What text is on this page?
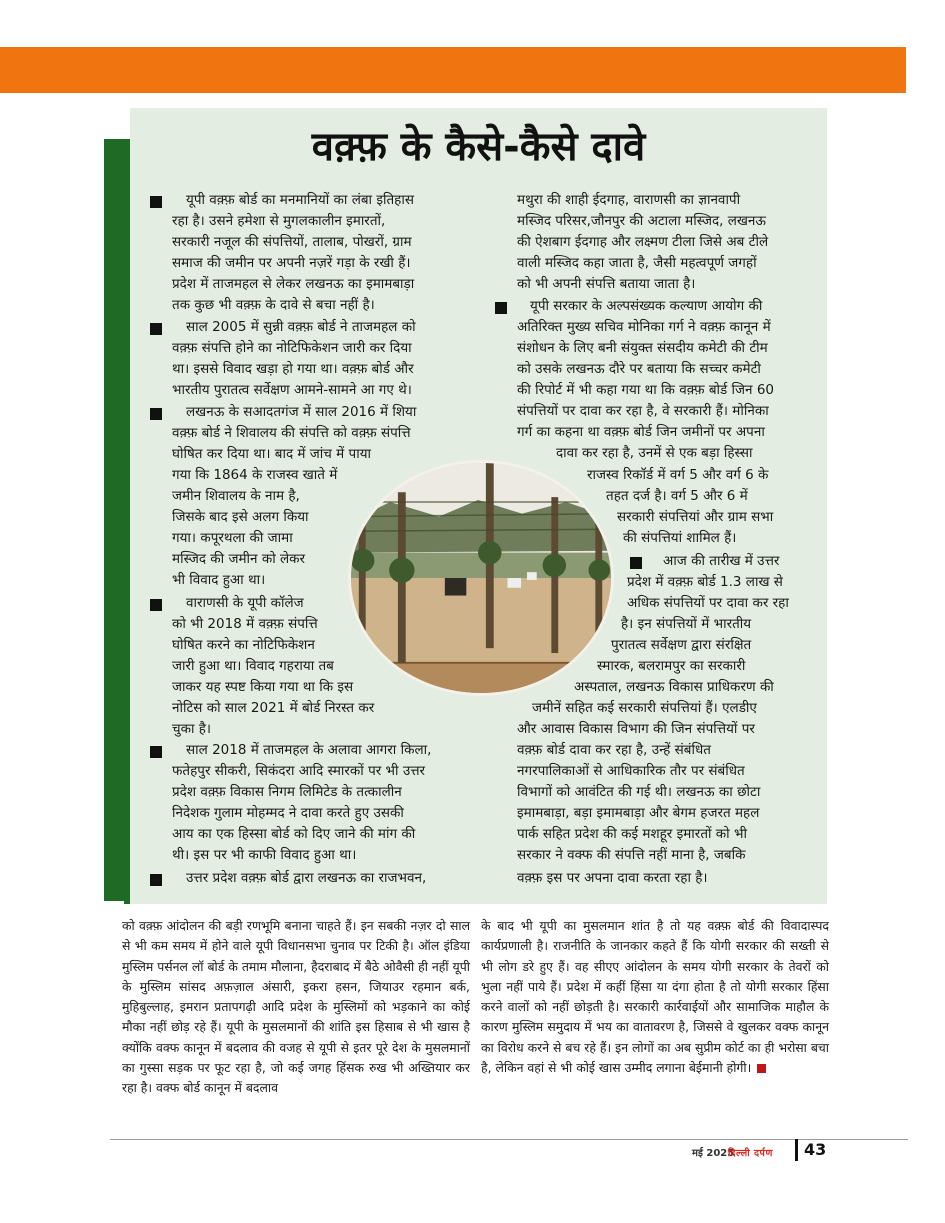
वक़्फ़ के कैसे-कैसे दावे

यूपी वक़्फ़ बोर्ड का मनमानियों का लंबा इतिहास

रहा है। उसने हमेशा से मुगलकालीन इमारतों,

सरकारी नजूल की संपत्तियों, तालाब, पोखरों, ग्राम

समाज की जमीन पर अपनी नज़रें गड़ा के रखी हैं।

प्रदेश में ताजमहल से लेकर लखनऊ का इमामबाड़ा

तक कुछ भी वक़्फ़ के दावे से बचा नहीं है।

साल 2005 में सुन्नी वक़्फ़ बोर्ड ने ताजमहल को

वक़्फ़ संपत्ति होने का नोटिफिकेशन जारी कर दिया

था। इससे विवाद खड़ा हो गया था। वक़्फ़ बोर्ड और

भारतीय पुरातत्व सर्वेक्षण आमने-सामने आ गए थे।

लखनऊ के सआदतगंज में साल 2016 में शिया

वक़्फ़ बोर्ड ने शिवालय की संपत्ति को वक़्फ़ संपत्ति

घोषित कर दिया था। बाद में जांच में पाया

गया कि 1864 के राजस्व खाते में

जमीन शिवालय के नाम है,

जिसके बाद इसे अलग किया

गया। कपूरथला की जामा

मस्जिद की जमीन को लेकर

भी विवाद हुआ था।

वाराणसी के यूपी कॉलेज

को भी 2018 में वक़्फ़ संपत्ति

घोषित करने का नोटिफिकेशन

जारी हुआ था। विवाद गहराया तब

जाकर यह स्पष्ट किया गया था कि इस

नोटिस को साल 2021 में बोर्ड निरस्त कर

चुका है।

साल 2018 में ताजमहल के अलावा आगरा किला,

फतेहपुर सीकरी, सिकंदरा आदि स्मारकों पर भी उत्तर

प्रदेश वक़्फ़ विकास निगम लिमिटेड के तत्कालीन

निदेशक गुलाम मोहम्मद ने दावा करते हुए उसकी

आय का एक हिस्सा बोर्ड को दिए जाने की मांग की

थी। इस पर भी काफी विवाद हुआ था।

उत्तर प्रदेश वक़्फ़ बोर्ड द्वारा लखनऊ का राजभवन,

मथुरा की शाही ईदगाह, वाराणसी का ज्ञानवापी

मस्जिद परिसर,जौनपुर की अटाला मस्जिद, लखनऊ

की ऐशबाग ईदगाह और लक्ष्मण टीला जिसे अब टीले

वाली मस्जिद कहा जाता है, जैसी महत्वपूर्ण जगहों

को भी अपनी संपत्ति बताया जाता है।

यूपी सरकार के अल्पसंख्यक कल्याण आयोग की

अतिरिक्त मुख्य सचिव मोनिका गर्ग ने वक़्फ़ कानून में

संशोधन के लिए बनी संयुक्त संसदीय कमेटी की टीम

को उसके लखनऊ दौरे पर बताया कि सच्चर कमेटी

की रिपोर्ट में भी कहा गया था कि वक़्फ़ बोर्ड जिन 60

संपत्तियों पर दावा कर रहा है, वे सरकारी हैं। मोनिका

गर्ग का कहना था वक़्फ़ बोर्ड जिन जमीनों पर अपना

दावा कर रहा है, उनमें से एक बड़ा हिस्सा

राजस्व रिकॉर्ड में वर्ग 5 और वर्ग 6 के

तहत दर्ज है। वर्ग 5 और 6 में

सरकारी संपत्तियां और ग्राम सभा

की संपत्तियां शामिल हैं।

आज की तारीख में उत्तर

प्रदेश में वक़्फ़ बोर्ड 1.3 लाख से

अधिक संपत्तियों पर दावा कर रहा

है। इन संपत्तियों में भारतीय

पुरातत्व सर्वेक्षण द्वारा संरक्षित

स्मारक, बलरामपुर का सरकारी

अस्पताल, लखनऊ विकास प्राधिकरण की

जमीनें सहित कई सरकारी संपत्तियां हैं। एलडीए

और आवास विकास विभाग की जिन संपत्तियों पर

वक़्फ़ बोर्ड दावा कर रहा है, उन्हें संबंधित

नगरपालिकाओं से आधिकारिक तौर पर संबंधित

विभागों को आवंटित की गई थी। लखनऊ का छोटा

इमामबाड़ा, बड़ा इमामबाड़ा और बेगम हजरत महल

पार्क सहित प्रदेश की कई मशहूर इमारतों को भी

सरकार ने वक्फ की संपत्ति नहीं माना है, जबकि

वक़्फ़ इस पर अपना दावा करता रहा है।

को वक़्फ़ आंदोलन की बड़ी रणभूमि बनाना चाहते हैं। इन सबकी नज़र दो साल से भी कम समय में होने वाले यूपी विधानसभा चुनाव पर टिकी है। ऑल इंडिया मुस्लिम पर्सनल लॉ बोर्ड के तमाम मौलाना, हैदराबाद में बैठे ओवैसी ही नहीं यूपी के मुस्लिम सांसद अफ़ज़ाल अंसारी, इकरा हसन, जियाउर रहमान बर्क, मुहिबुल्लाह, इमरान प्रतापगढ़ी आदि प्रदेश के मुस्लिमों को भड़काने का कोई मौका नहीं छोड़ रहे हैं। यूपी के मुसलमानों की शांति इस हिसाब से भी खास है क्योंकि वक्फ कानून में बदलाव की वजह से यूपी से इतर पूरे देश के मुसलमानों का गुस्सा सड़क पर फूट रहा है, जो कई जगह हिंसक रुख भी अख्तियार कर रहा है। वक्फ बोर्ड कानून में बदलाव

के बाद भी यूपी का मुसलमान शांत है तो यह वक़्फ़ बोर्ड की विवादास्पद कार्यप्रणाली है। राजनीति के जानकार कहते हैं कि योगी सरकार की सख्ती से भी लोग डरे हुए हैं। वह सीएए आंदोलन के समय योगी सरकार के तेवरों को भुला नहीं पाये हैं। प्रदेश में कहीं हिंसा या दंगा होता है तो योगी सरकार हिंसा करने वालों को नहीं छोड़ती है। सरकारी कार्रवाईयों और सामाजिक माहौल के कारण मुस्लिम समुदाय में भय का वातावरण है, जिससे वे खुलकर वक्फ कानून का विरोध करने से बच रहे हैं। इन लोगों का अब सुप्रीम कोर्ट का ही भरोसा बचा है, लेकिन वहां से भी कोई खास उम्मीद लगाना बेईमानी होगी।

मई 2025
दिल्ली दर्पण 43
